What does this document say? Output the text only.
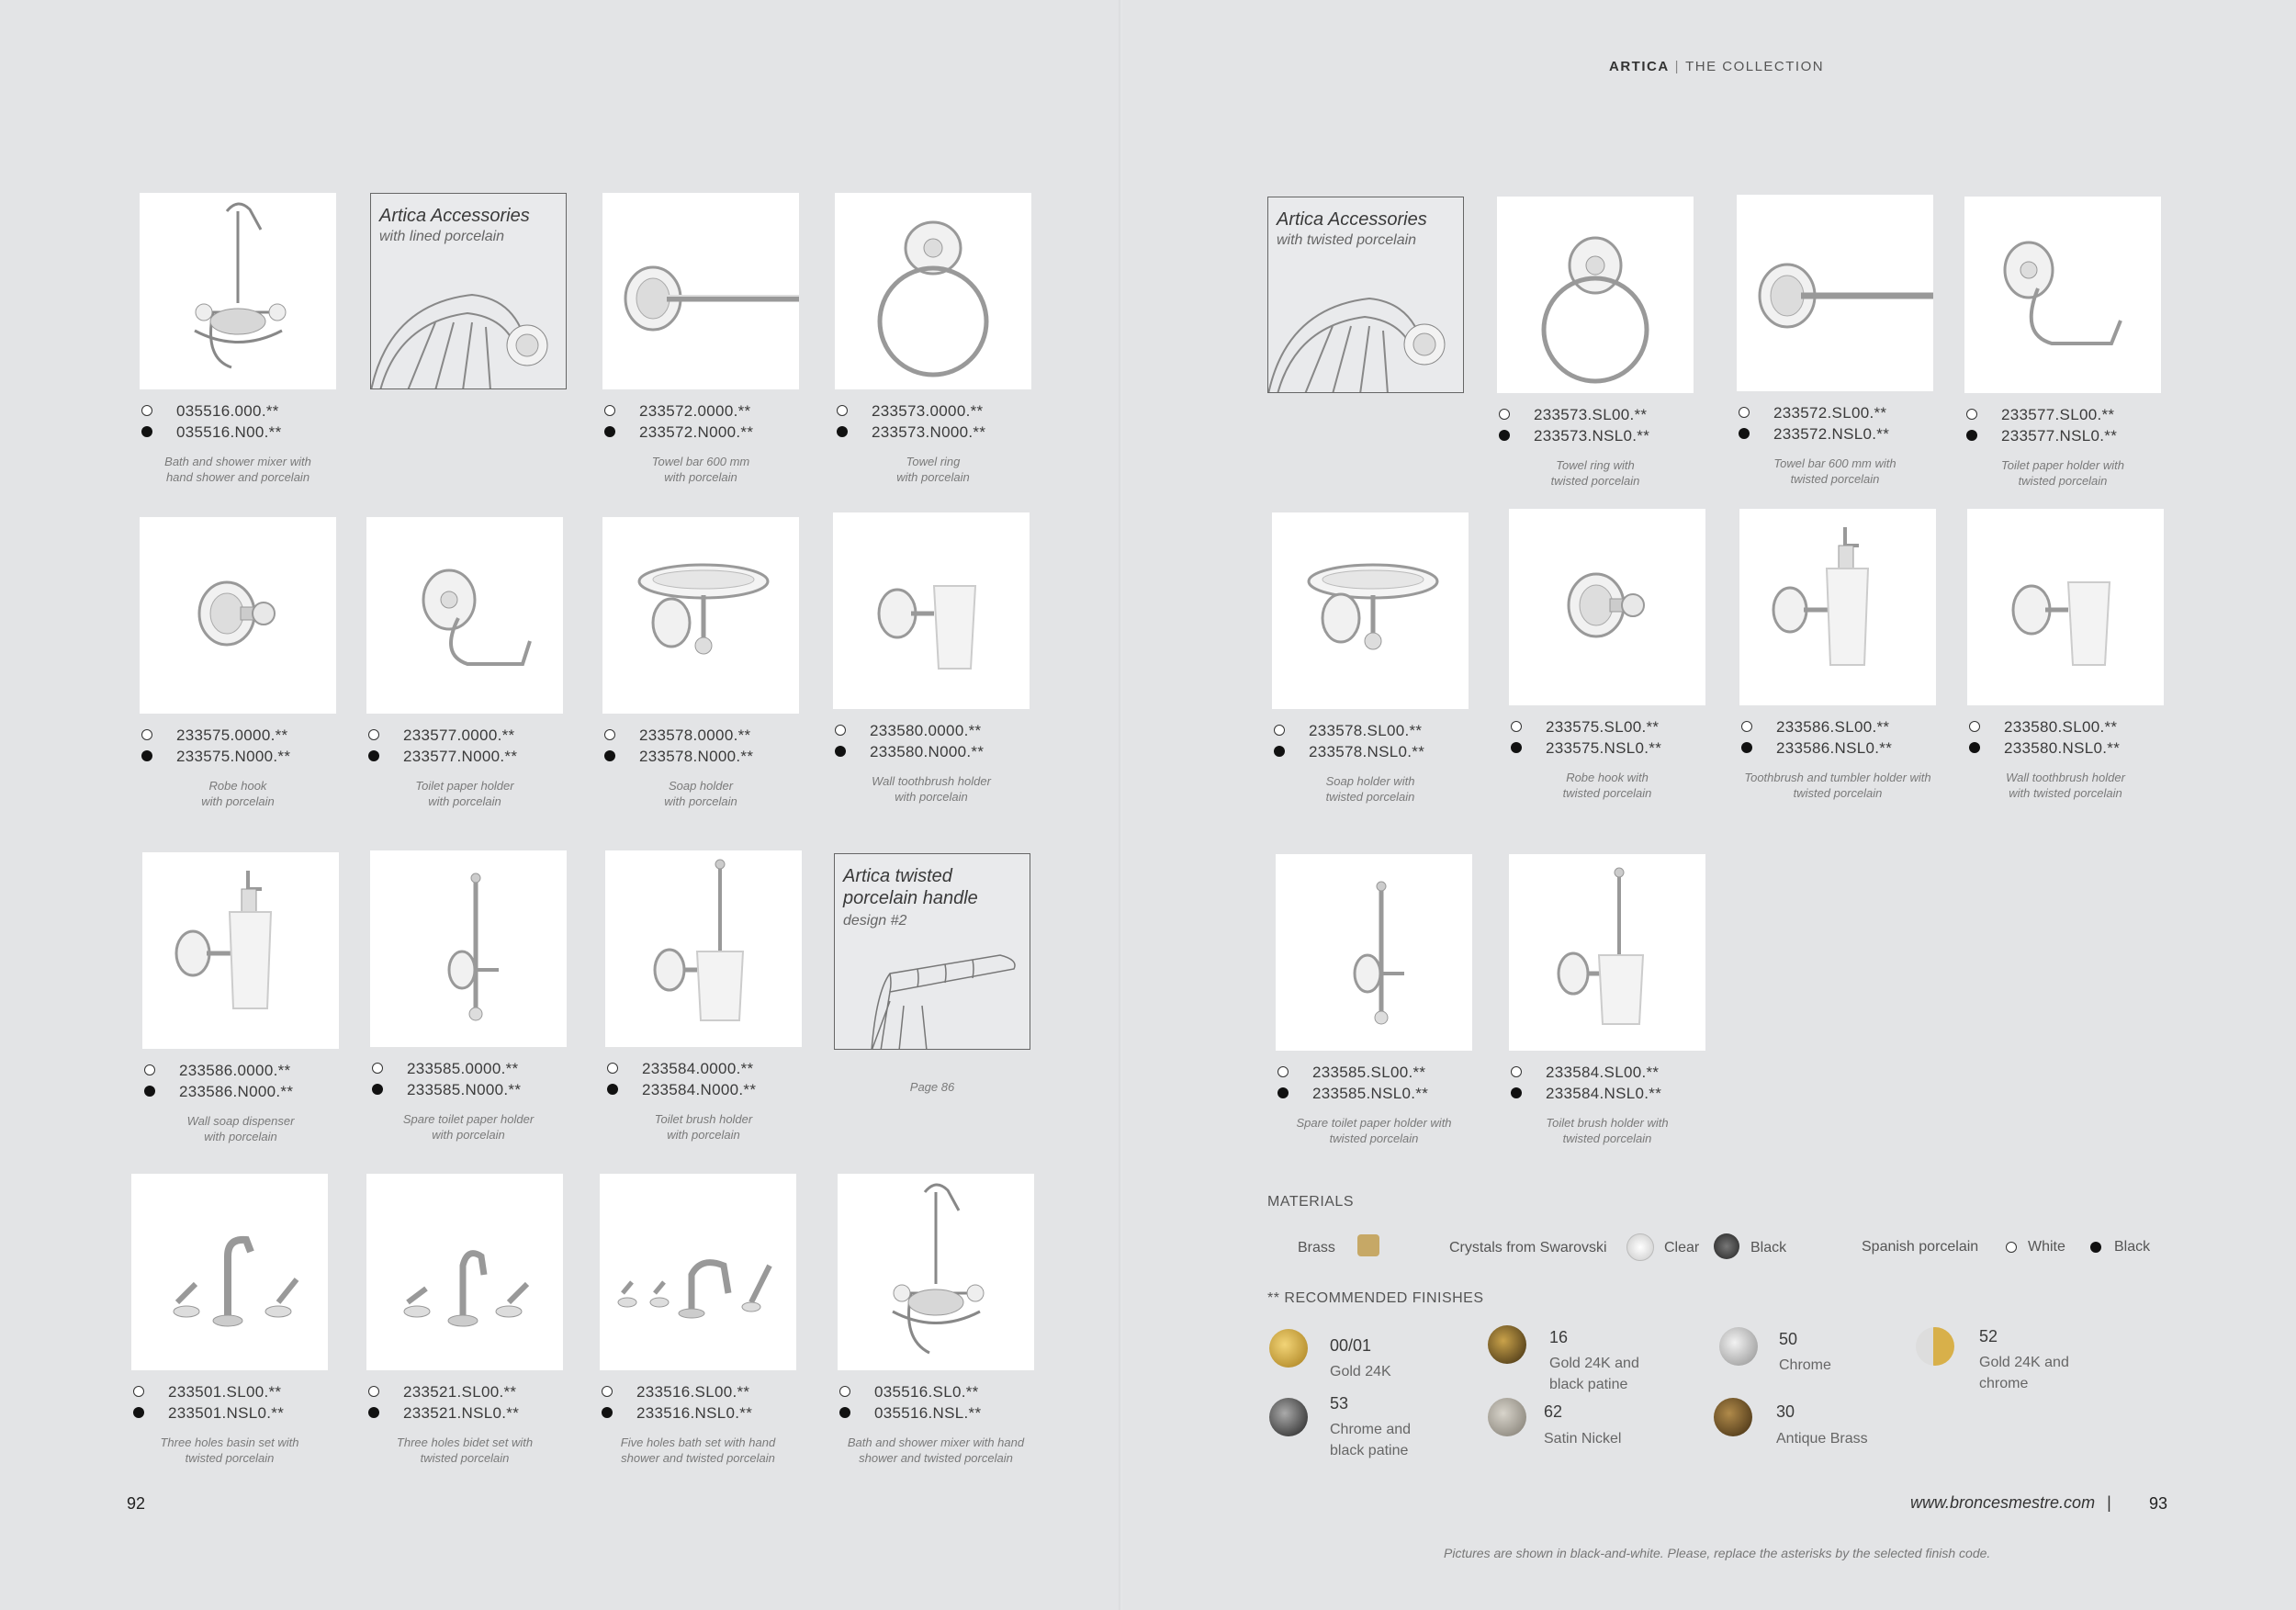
035516.000.**
035516.N00.**
Bath and shower mixer with
hand shower and porcelain
Artica Accessories
with lined porcelain
233572.0000.**
233572.N000.**
Towel bar 600 mm
with porcelain
233573.0000.**
233573.N000.**
Towel ring
with porcelain
233575.0000.**
233575.N000.**
Robe hook
with porcelain
233577.0000.**
233577.N000.**
Toilet paper holder
with porcelain
233578.0000.**
233578.N000.**
Soap holder
with porcelain
233580.0000.**
233580.N000.**
Wall toothbrush holder
with porcelain
233586.0000.**
233586.N000.**
Wall soap dispenser
with porcelain
233585.0000.**
233585.N000.**
Spare toilet paper holder
with porcelain
233584.0000.**
233584.N000.**
Toilet brush holder
with porcelain
Artica twisted porcelain handle
design #2
Page 86
233501.SL00.**
233501.NSL0.**
Three holes basin set with
twisted porcelain
233521.SL00.**
233521.NSL0.**
Three holes bidet set with
twisted porcelain
233516.SL00.**
233516.NSL0.**
Five holes bath set with hand
shower and twisted porcelain
035516.SL0.**
035516.NSL.**
Bath and shower mixer with hand
shower and twisted porcelain
92
ARTICA | THE COLLECTION
Artica Accessories
with twisted porcelain
233573.SL00.**
233573.NSL0.**
Towel ring with
twisted porcelain
233572.SL00.**
233572.NSL0.**
Towel bar 600 mm with
twisted porcelain
233577.SL00.**
233577.NSL0.**
Toilet paper holder with
twisted porcelain
233578.SL00.**
233578.NSL0.**
Soap holder with
twisted porcelain
233575.SL00.**
233575.NSL0.**
Robe hook with
twisted porcelain
233586.SL00.**
233586.NSL0.**
Toothbrush and tumbler holder with
twisted porcelain
233580.SL00.**
233580.NSL0.**
Wall toothbrush holder
with twisted porcelain
233585.SL00.**
233585.NSL0.**
Spare toilet paper holder with
twisted porcelain
233584.SL00.**
233584.NSL0.**
Toilet brush holder with
twisted porcelain
MATERIALS
Brass	Crystals from Swarovski	Clear	Black	Spanish porcelain	White	Black
** RECOMMENDED FINISHES
00/01
Gold 24K
16
Gold 24K and
black patine
50
Chrome
52
Gold 24K and
chrome
53
Chrome and
black patine
62
Satin Nickel
30
Antique Brass
www.broncesmestre.com | 93
Pictures are shown in black-and-white. Please, replace the asterisks by the selected finish code.
